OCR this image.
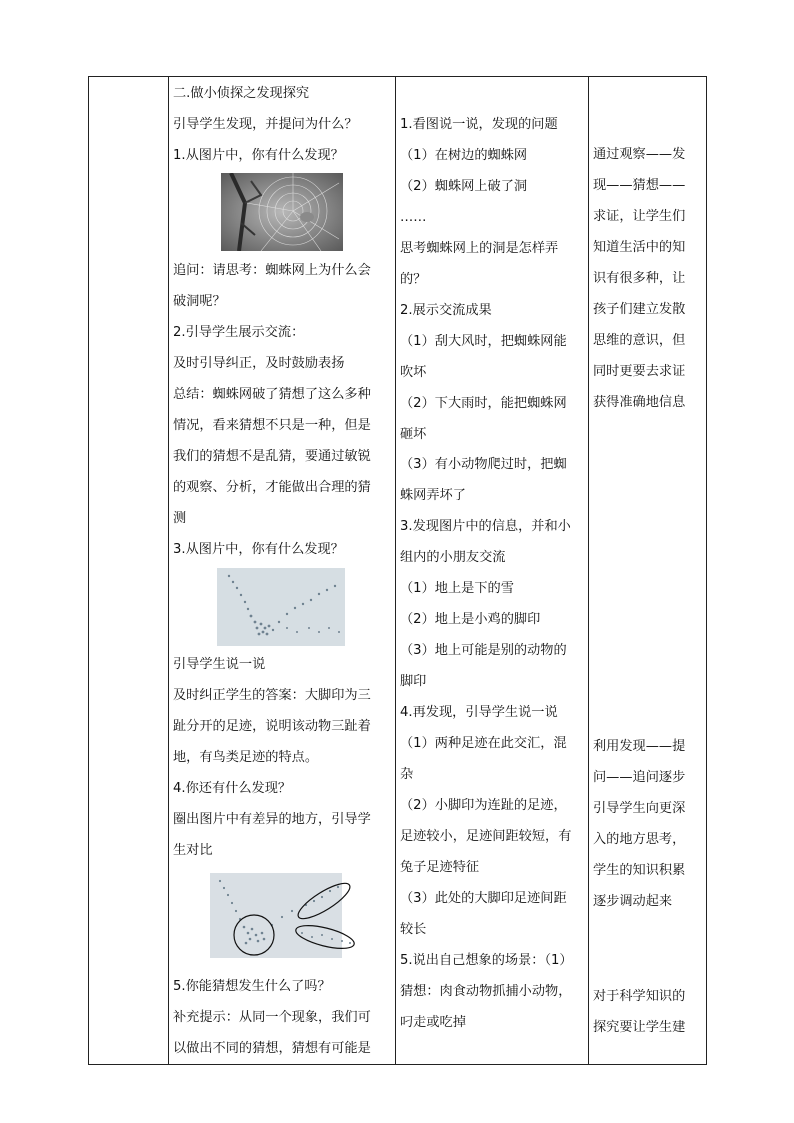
二.做小侦探之发现探究
引导学生发现，并提问为什么？
1.从图片中，你有什么发现？
追问：请思考：蜘蛛网上为什么会
破洞呢？
2.引导学生展示交流：
及时引导纠正，及时鼓励表扬
总结：蜘蛛网破了猜想了这么多种
情况，看来猜想不只是一种，但是
我们的猜想不是乱猜，要通过敏锐
的观察、分析，才能做出合理的猜
测
3.从图片中，你有什么发现？
引导学生说一说
及时纠正学生的答案：大脚印为三
趾分开的足迹，说明该动物三趾着
地，有鸟类足迹的特点。
4.你还有什么发现？
圈出图片中有差异的地方，引导学
生对比
5.你能猜想发生什么了吗？
补充提示：从同一个现象，我们可
以做出不同的猜想，猜想有可能是
1.看图说一说，发现的问题
（1）在树边的蜘蛛网
（2）蜘蛛网上破了洞
……
思考蜘蛛网上的洞是怎样弄
的？
2.展示交流成果
（1）刮大风时，把蜘蛛网能
吹坏
（2）下大雨时，能把蜘蛛网
砸坏
（3）有小动物爬过时，把蜘
蛛网弄坏了
3.发现图片中的信息，并和小
组内的小朋友交流
（1）地上是下的雪
（2）地上是小鸡的脚印
（3）地上可能是别的动物的
脚印
4.再发现，引导学生说一说
（1）两种足迹在此交汇，混
杂
（2）小脚印为连趾的足迹，
足迹较小，足迹间距较短，有
兔子足迹特征
（3）此处的大脚印足迹间距
较长
5.说出自己想象的场景：（1）
猜想：肉食动物抓捕小动物，
叼走或吃掉
通过观察——发
现——猜想——
求证，让学生们
知道生活中的知
识有很多种，让
孩子们建立发散
思维的意识，但
同时更要去求证
获得准确地信息
利用发现——提
问——追问逐步
引导学生向更深
入的地方思考，
学生的知识积累
逐步调动起来
对于科学知识的
探究要让学生建
